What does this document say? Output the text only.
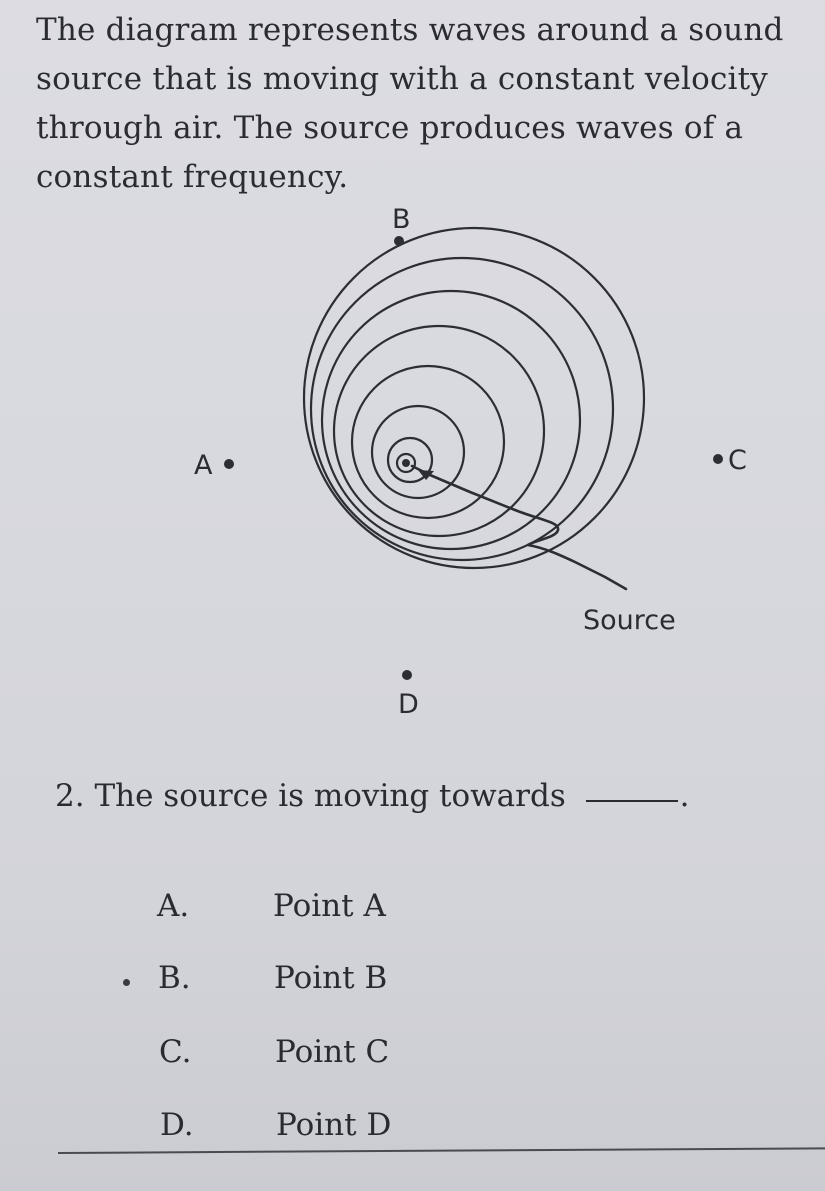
The diagram represents waves around a sound
source that is moving with a constant velocity
through air. The source produces waves of a
constant frequency.
B
A	C
D
Source
2. The source is moving towards	.
A.	Point A
B.	Point B
C.	Point C
D.	Point D
